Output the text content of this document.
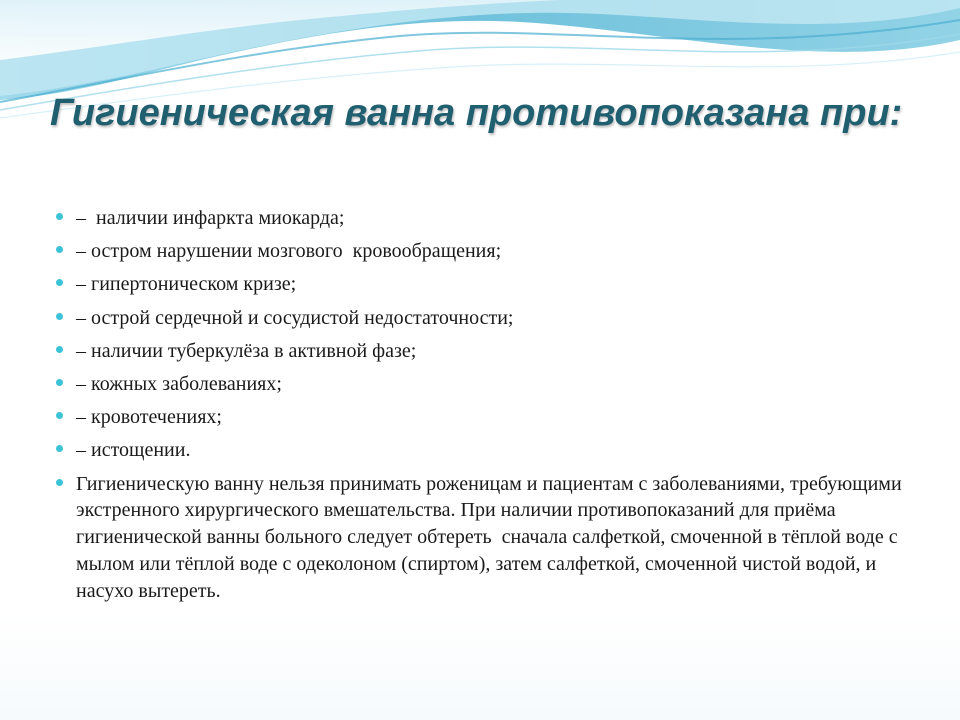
Гигиеническая ванна противопоказана при:
–  наличии инфаркта миокарда;
– остром нарушении мозгового  кровообращения;
– гипертоническом кризе;
– острой сердечной и сосудистой недостаточности;
– наличии туберкулёза в активной фазе;
– кожных заболеваниях;
– кровотечениях;
– истощении.
Гигиеническую ванну нельзя принимать роженицам и пациентам с заболеваниями, требующими экстренного хирургического вмешательства. При наличии противопоказаний для приёма гигиенической ванны больного следует обтереть  сначала салфеткой, смоченной в тёплой воде с мылом или тёплой воде с одеколоном (спиртом), затем салфеткой, смоченной чистой водой, и насухо вытереть.
